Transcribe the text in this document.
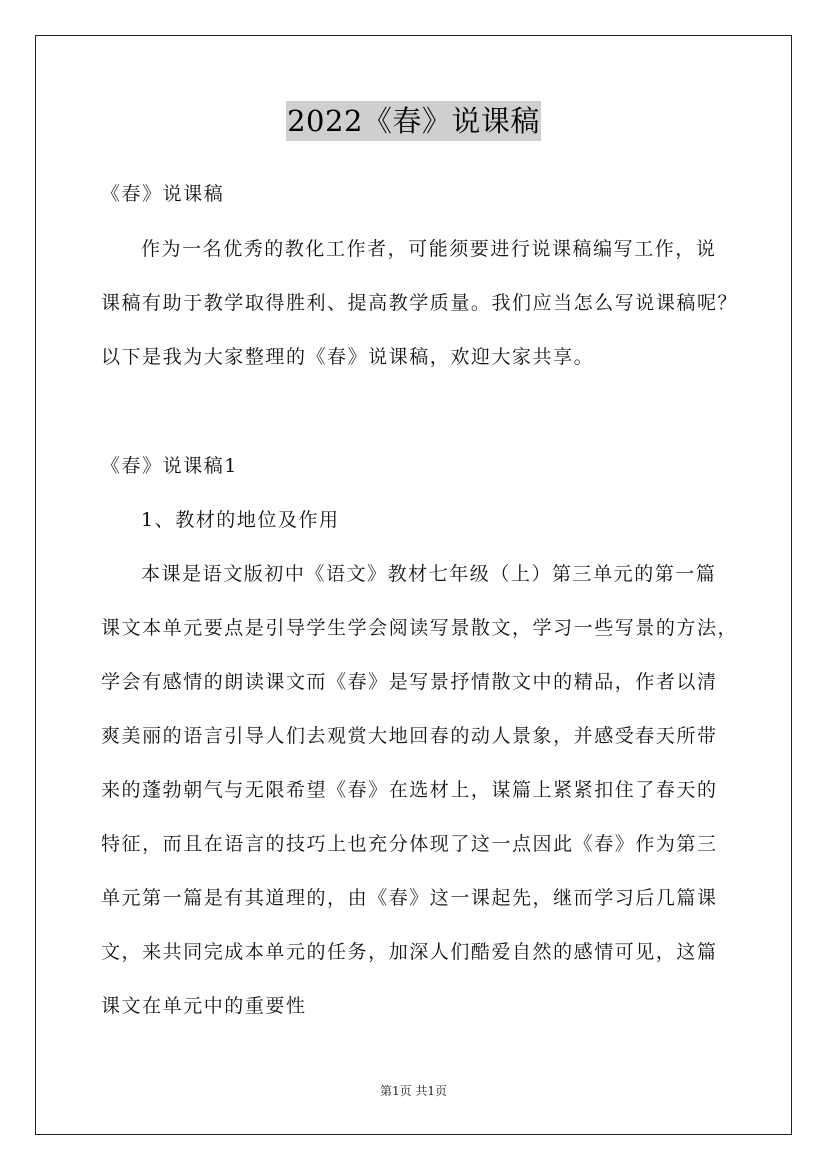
2022《春》说课稿
《春》说课稿
作为一名优秀的教化工作者，可能须要进行说课稿编写工作，说
课稿有助于教学取得胜利、提高教学质量。我们应当怎么写说课稿呢？
以下是我为大家整理的《春》说课稿，欢迎大家共享。
《春》说课稿1
1、教材的地位及作用
本课是语文版初中《语文》教材七年级（上）第三单元的第一篇
课文本单元要点是引导学生学会阅读写景散文，学习一些写景的方法，
学会有感情的朗读课文而《春》是写景抒情散文中的精品，作者以清
爽美丽的语言引导人们去观赏大地回春的动人景象，并感受春天所带
来的蓬勃朝气与无限希望《春》在选材上，谋篇上紧紧扣住了春天的
特征，而且在语言的技巧上也充分体现了这一点因此《春》作为第三
单元第一篇是有其道理的，由《春》这一课起先，继而学习后几篇课
文，来共同完成本单元的任务，加深人们酷爱自然的感情可见，这篇
课文在单元中的重要性
第1页 共1页
